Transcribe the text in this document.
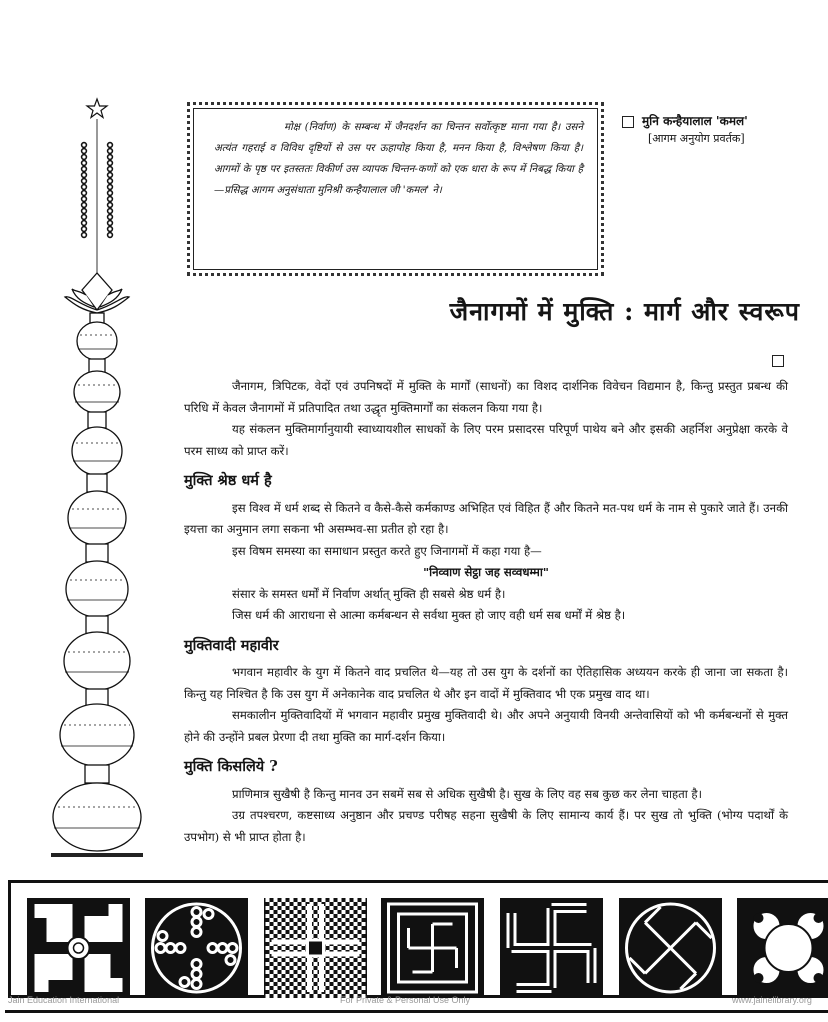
मोक्ष (निर्वाण) के सम्बन्ध में जैनदर्शन का चिन्तन सर्वोत्कृष्ट माना गया है। उसने अत्यंत गहराई व विविध दृष्टियों से उस पर ऊहापोह किया है, मनन किया है, विश्लेषण किया है। आगमों के पृष्ठ पर इतस्ततः विकीर्ण उस व्यापक चिन्तन-कणों को एक धारा के रूप में निबद्ध किया है—प्रसिद्ध आगम अनुसंधाता मुनिश्री कन्हैयालाल जी 'कमल' ने।

मुनि कन्हैयालाल 'कमल'
[आगम अनुयोग प्रवर्तक]
जैनागमों में मुक्ति : मार्ग और स्वरूप

जैनागम, त्रिपिटक, वेदों एवं उपनिषदों में मुक्ति के मार्गों (साधनों) का विशद दार्शनिक विवेचन विद्यमान है, किन्तु प्रस्तुत प्रबन्ध की परिधि में केवल जैनागमों में प्रतिपादित तथा उद्धृत मुक्तिमार्गों का संकलन किया गया है।

यह संकलन मुक्तिमार्गानुयायी स्वाध्यायशील साधकों के लिए परम प्रसादरस परिपूर्ण पाथेय बने और इसकी अहर्निश अनुप्रेक्षा करके वे परम साध्य को प्राप्त करें।

मुक्ति श्रेष्ठ धर्म है

इस विश्व में धर्म शब्द से कितने व कैसे-कैसे कर्मकाण्ड अभिहित एवं विहित हैं और कितने मत-पथ धर्म के नाम से पुकारे जाते हैं। उनकी इयत्ता का अनुमान लगा सकना भी असम्भव-सा प्रतीत हो रहा है।

इस विषम समस्या का समाधान प्रस्तुत करते हुए जिनागमों में कहा गया है—

"निव्वाण सेट्ठा जह सव्वधम्मा"

संसार के समस्त धर्मों में निर्वाण अर्थात् मुक्ति ही सबसे श्रेष्ठ धर्म है।

जिस धर्म की आराधना से आत्मा कर्मबन्धन से सर्वथा मुक्त हो जाए वही धर्म सब धर्मों में श्रेष्ठ है।

मुक्तिवादी महावीर

भगवान महावीर के युग में कितने वाद प्रचलित थे—यह तो उस युग के दर्शनों का ऐतिहासिक अध्ययन करके ही जाना जा सकता है। किन्तु यह निश्चित है कि उस युग में अनेकानेक वाद प्रचलित थे और इन वादों में मुक्तिवाद भी एक प्रमुख वाद था।

समकालीन मुक्तिवादियों में भगवान महावीर प्रमुख मुक्तिवादी थे। और अपने अनुयायी विनयी अन्तेवासियों को भी कर्मबन्धनों से मुक्त होने की उन्होंने प्रबल प्रेरणा दी तथा मुक्ति का मार्ग-दर्शन किया।

मुक्ति किसलिये ?

प्राणिमात्र सुखैषी है किन्तु मानव उन सबमें सब से अधिक सुखैषी है। सुख के लिए वह सब कुछ कर लेना चाहता है।

उग्र तपश्चरण, कष्टसाध्य अनुष्ठान और प्रचण्ड परीषह सहना सुखैषी के लिए सामान्य कार्य हैं। पर सुख तो भुक्ति (भोग्य पदार्थों के उपभोग) से भी प्राप्त होता है।

Jain Education International	For Private & Personal Use Only	www.jainelibrary.org
